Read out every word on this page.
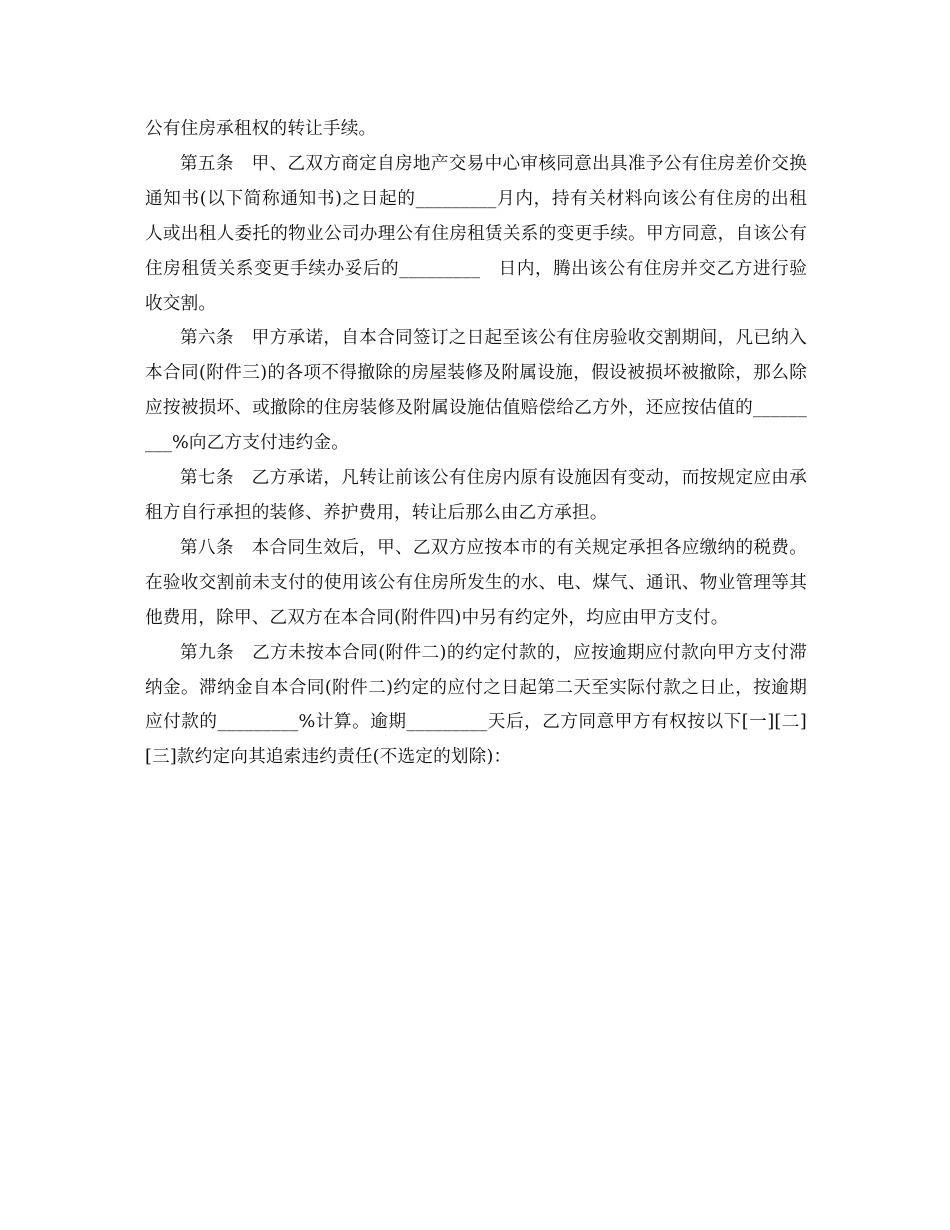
公有住房承租权的转让手续。

第五条　甲、乙双方商定自房地产交易中心审核同意出具准予公有住房差价交换通知书(以下简称通知书)之日起的_________月内，持有关材料向该公有住房的出租人或出租人委托的物业公司办理公有住房租赁关系的变更手续。甲方同意，自该公有住房租赁关系变更手续办妥后的_________　日内，腾出该公有住房并交乙方进行验收交割。

第六条　甲方承诺，自本合同签订之日起至该公有住房验收交割期间，凡已纳入本合同(附件三)的各项不得撤除的房屋装修及附属设施，假设被损坏被撤除，那么除应按被损坏、或撤除的住房装修及附属设施估值赔偿给乙方外，还应按估值的_________%向乙方支付违约金。

第七条　乙方承诺，凡转让前该公有住房内原有设施因有变动，而按规定应由承租方自行承担的装修、养护费用，转让后那么由乙方承担。

第八条　本合同生效后，甲、乙双方应按本市的有关规定承担各应缴纳的税费。在验收交割前未支付的使用该公有住房所发生的水、电、煤气、通讯、物业管理等其他费用，除甲、乙双方在本合同(附件四)中另有约定外，均应由甲方支付。

第九条　乙方未按本合同(附件二)的约定付款的，应按逾期应付款向甲方支付滞纳金。滞纳金自本合同(附件二)约定的应付之日起第二天至实际付款之日止，按逾期应付款的_________%计算。逾期_________天后，乙方同意甲方有权按以下[一][二][三]款约定向其追索违约责任(不选定的划除)：
